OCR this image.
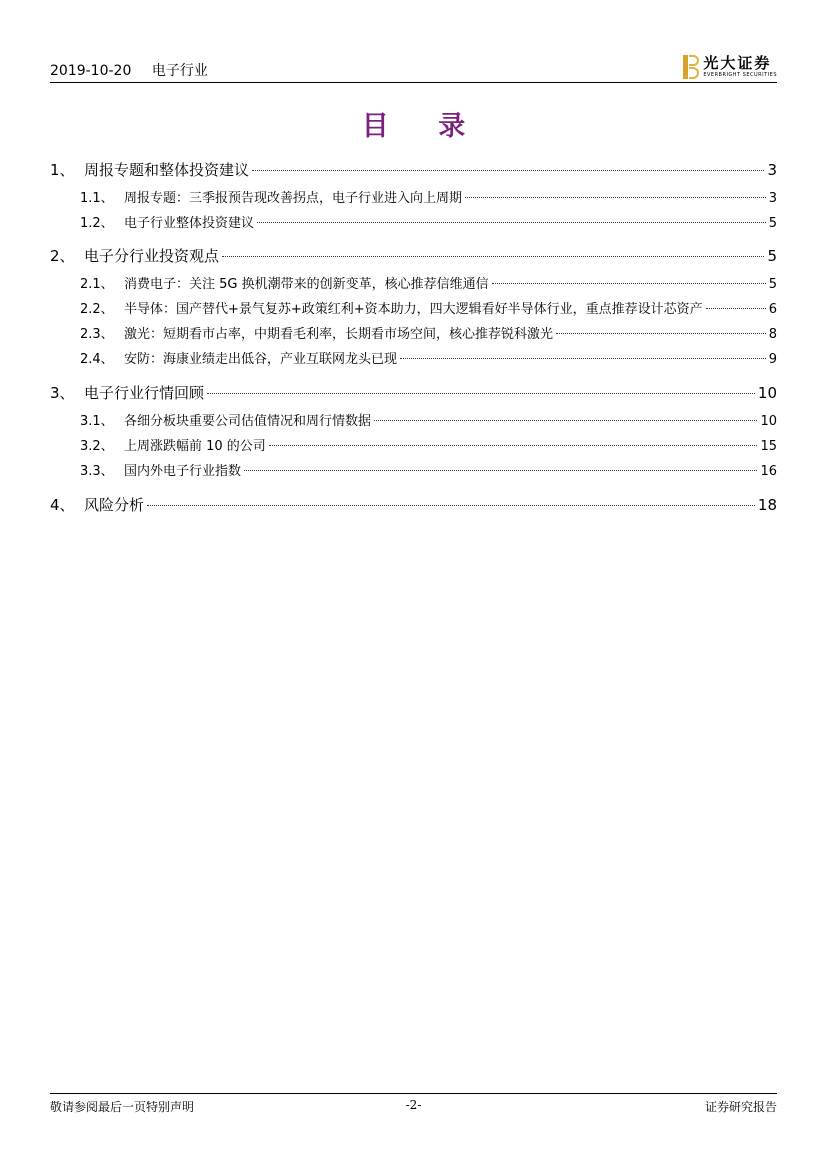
2019-10-20 电子行业	光大证券
EVERBRIGHT SECURITIES
目 录
1、 周报专题和整体投资建议	3
1.1、 周报专题：三季报预告现改善拐点，电子行业进入向上周期	3
1.2、 电子行业整体投资建议	5
2、 电子分行业投资观点	5
2.1、 消费电子：关注 5G 换机潮带来的创新变革，核心推荐信维通信	5
2.2、 半导体：国产替代+景气复苏+政策红利+资本助力，四大逻辑看好半导体行业，重点推荐设计芯资产	6
2.3、 激光：短期看市占率，中期看毛利率，长期看市场空间，核心推荐锐科激光	8
2.4、 安防：海康业绩走出低谷，产业互联网龙头已现	9
3、 电子行业行情回顾	10
3.1、 各细分板块重要公司估值情况和周行情数据	10
3.2、 上周涨跌幅前 10 的公司	15
3.3、 国内外电子行业指数	16
4、 风险分析	18
敬请参阅最后一页特别声明	-2-	证券研究报告
